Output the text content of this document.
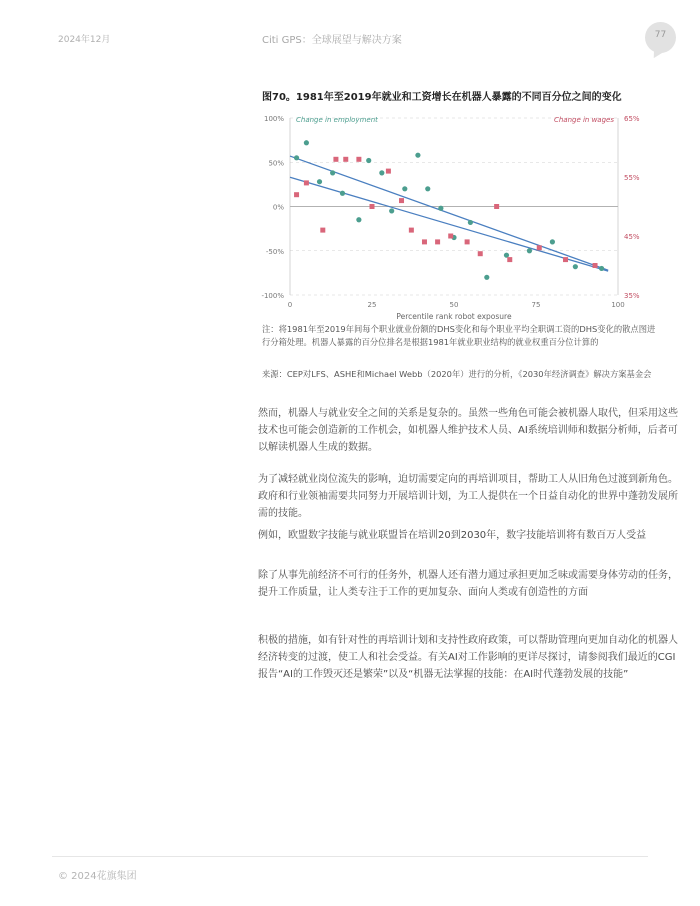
2024年12月	Citi GPS：全球展望与解决方案	77
图70。1981年至2019年就业和工资增长在机器人暴露的不同百分位之间的变化
100%
50%
0%
-50%
-100%
65%
55%
45%
35%
0	25	50	75	100
Percentile rank robot exposure
Change in employment	Change in wages
注：将1981年至2019年间每个职业就业份额的DHS变化和每个职业平均全职调工资的DHS变化的散点图进行分箱处理。机器人暴露的百分位排名是根据1981年就业职业结构的就业权重百分位计算的
来源：CEP对LFS、ASHE和Michael Webb（2020年）进行的分析，《2030年经济调查》解决方案基金会
然而，机器人与就业安全之间的关系是复杂的。虽然一些角色可能会被机器人取代，但采用这些技术也可能会创造新的工作机会，如机器人维护技术人员、AI系统培训师和数据分析师，后者可以解读机器人生成的数据。
为了减轻就业岗位流失的影响，迫切需要定向的再培训项目，帮助工人从旧角色过渡到新角色。政府和行业领袖需要共同努力开展培训计划，为工人提供在一个日益自动化的世界中蓬勃发展所需的技能。
例如，欧盟数字技能与就业联盟旨在培训20到2030年，数字技能培训将有数百万人受益
除了从事先前经济不可行的任务外，机器人还有潜力通过承担更加乏味或需要身体劳动的任务，提升工作质量，让人类专注于工作的更加复杂、面向人类或有创造性的方面
积极的措施，如有针对性的再培训计划和支持性政府政策，可以帮助管理向更加自动化的机器人经济转变的过渡，使工人和社会受益。有关AI对工作影响的更详尽探讨，请参阅我们最近的CGI报告“AI的工作毁灭还是繁荣”以及“机器无法掌握的技能：在AI时代蓬勃发展的技能”
© 2024花旗集团
